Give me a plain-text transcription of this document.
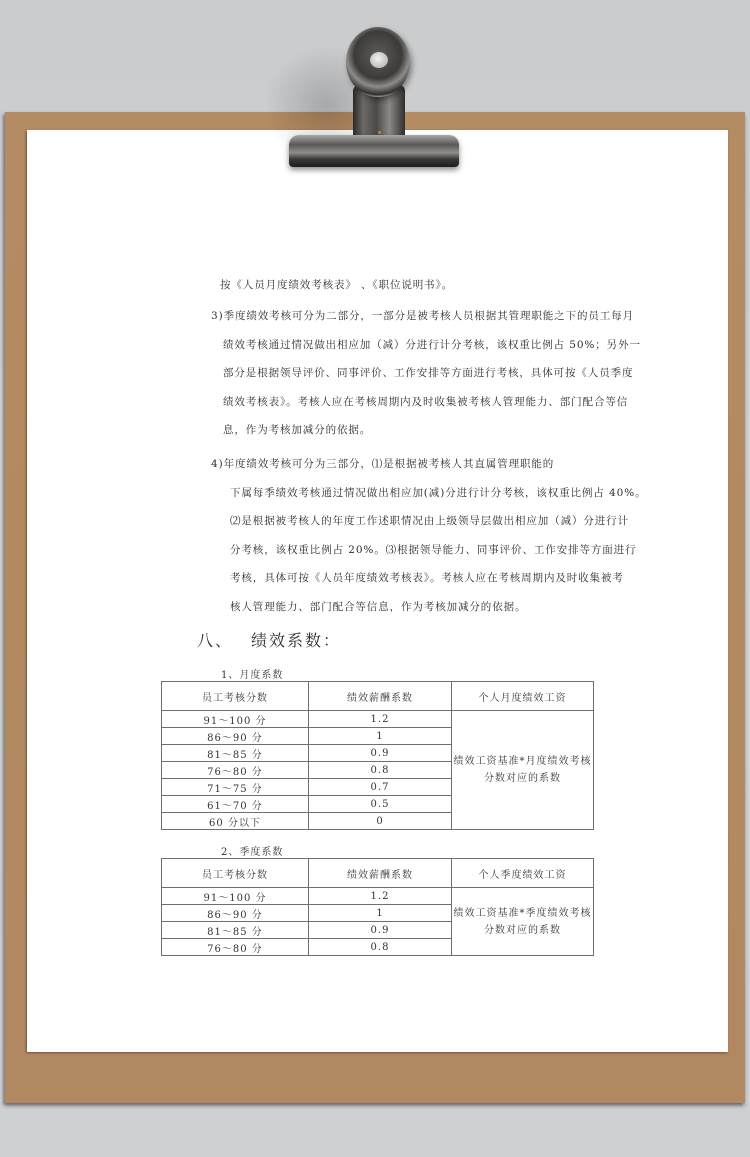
按《人员月度绩效考核表》 、《职位说明书》。
3)季度绩效考核可分为二部分，一部分是被考核人员根据其管理职能之下的员工每月
绩效考核通过情况做出相应加（减）分进行计分考核，该权重比例占 50%；另外一
部分是根据领导评价、同事评价、工作安排等方面进行考核，具体可按《人员季度
绩效考核表》。考核人应在考核周期内及时收集被考核人管理能力、部门配合等信
息，作为考核加减分的依据。
4)年度绩效考核可分为三部分，⑴是根据被考核人其直属管理职能的
下属每季绩效考核通过情况做出相应加(减)分进行计分考核，该权重比例占 40%。
⑵是根据被考核人的年度工作述职情况由上级领导层做出相应加（减）分进行计
分考核，该权重比例占 20%。⑶根据领导能力、同事评价、工作安排等方面进行
考核，具体可按《人员年度绩效考核表》。考核人应在考核周期内及时收集被考
核人管理能力、部门配合等信息，作为考核加减分的依据。
八、 绩效系数：
1、月度系数
员工考核分数	绩效薪酬系数	个人月度绩效工资
91～100 分	1.2	绩效工资基准*月度绩效考核分数对应的系数
86～90 分	1	
81～85 分	0.9	
76～80 分	0.8	
71～75 分	0.7	
61～70 分	0.5	
60 分以下	0	
2、季度系数
员工考核分数	绩效薪酬系数	个人季度绩效工资
91～100 分	1.2	绩效工资基准*季度绩效考核分数对应的系数
86～90 分	1	
81～85 分	0.9	
76～80 分	0.8	
